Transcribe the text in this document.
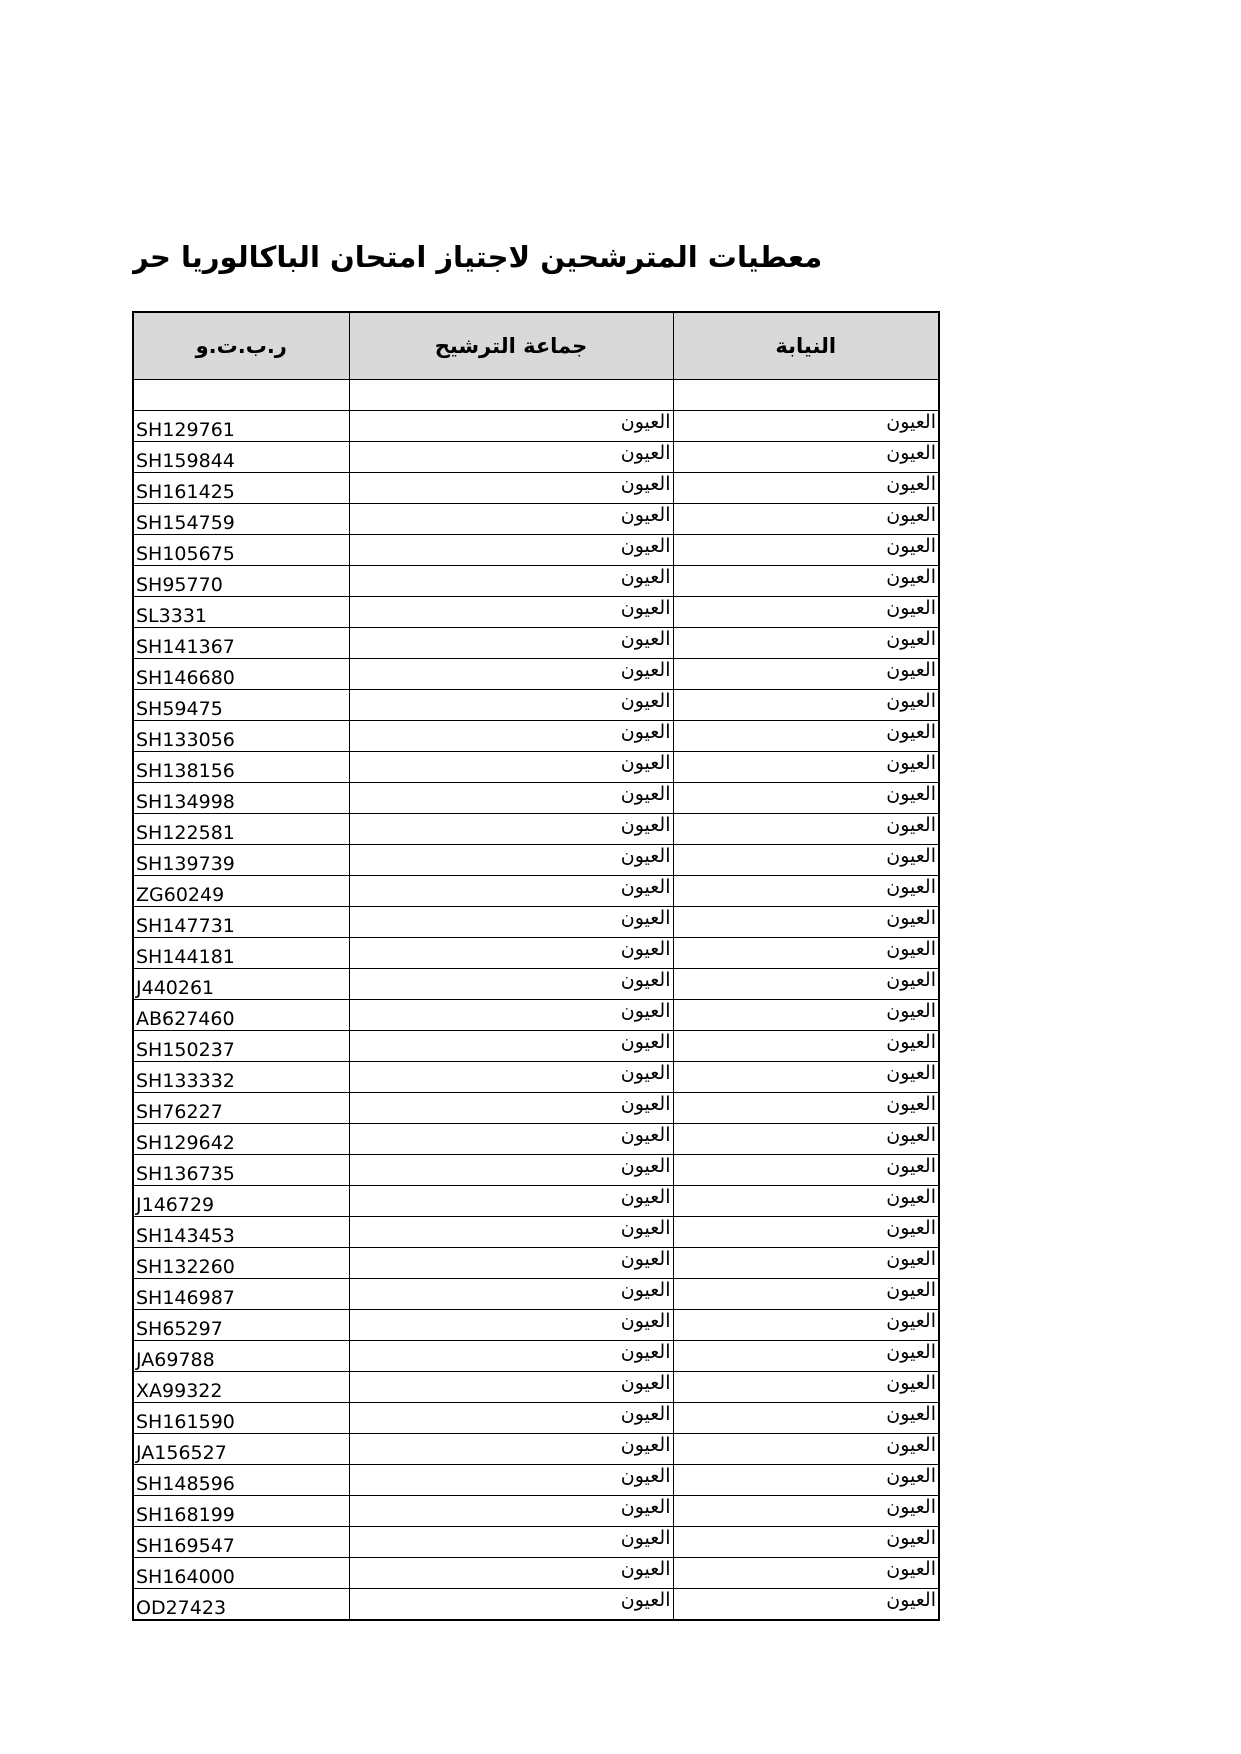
معطيات المترشحين لاجتياز امتحان الباكالوريا حر
ر.ب.ت.و	جماعة الترشيح	النيابة

SH129761	العيون	العيون
SH159844	العيون	العيون
SH161425	العيون	العيون
SH154759	العيون	العيون
SH105675	العيون	العيون
SH95770	العيون	العيون
SL3331	العيون	العيون
SH141367	العيون	العيون
SH146680	العيون	العيون
SH59475	العيون	العيون
SH133056	العيون	العيون
SH138156	العيون	العيون
SH134998	العيون	العيون
SH122581	العيون	العيون
SH139739	العيون	العيون
ZG60249	العيون	العيون
SH147731	العيون	العيون
SH144181	العيون	العيون
J440261	العيون	العيون
AB627460	العيون	العيون
SH150237	العيون	العيون
SH133332	العيون	العيون
SH76227	العيون	العيون
SH129642	العيون	العيون
SH136735	العيون	العيون
J146729	العيون	العيون
SH143453	العيون	العيون
SH132260	العيون	العيون
SH146987	العيون	العيون
SH65297	العيون	العيون
JA69788	العيون	العيون
XA99322	العيون	العيون
SH161590	العيون	العيون
JA156527	العيون	العيون
SH148596	العيون	العيون
SH168199	العيون	العيون
SH169547	العيون	العيون
SH164000	العيون	العيون
OD27423	العيون	العيون
